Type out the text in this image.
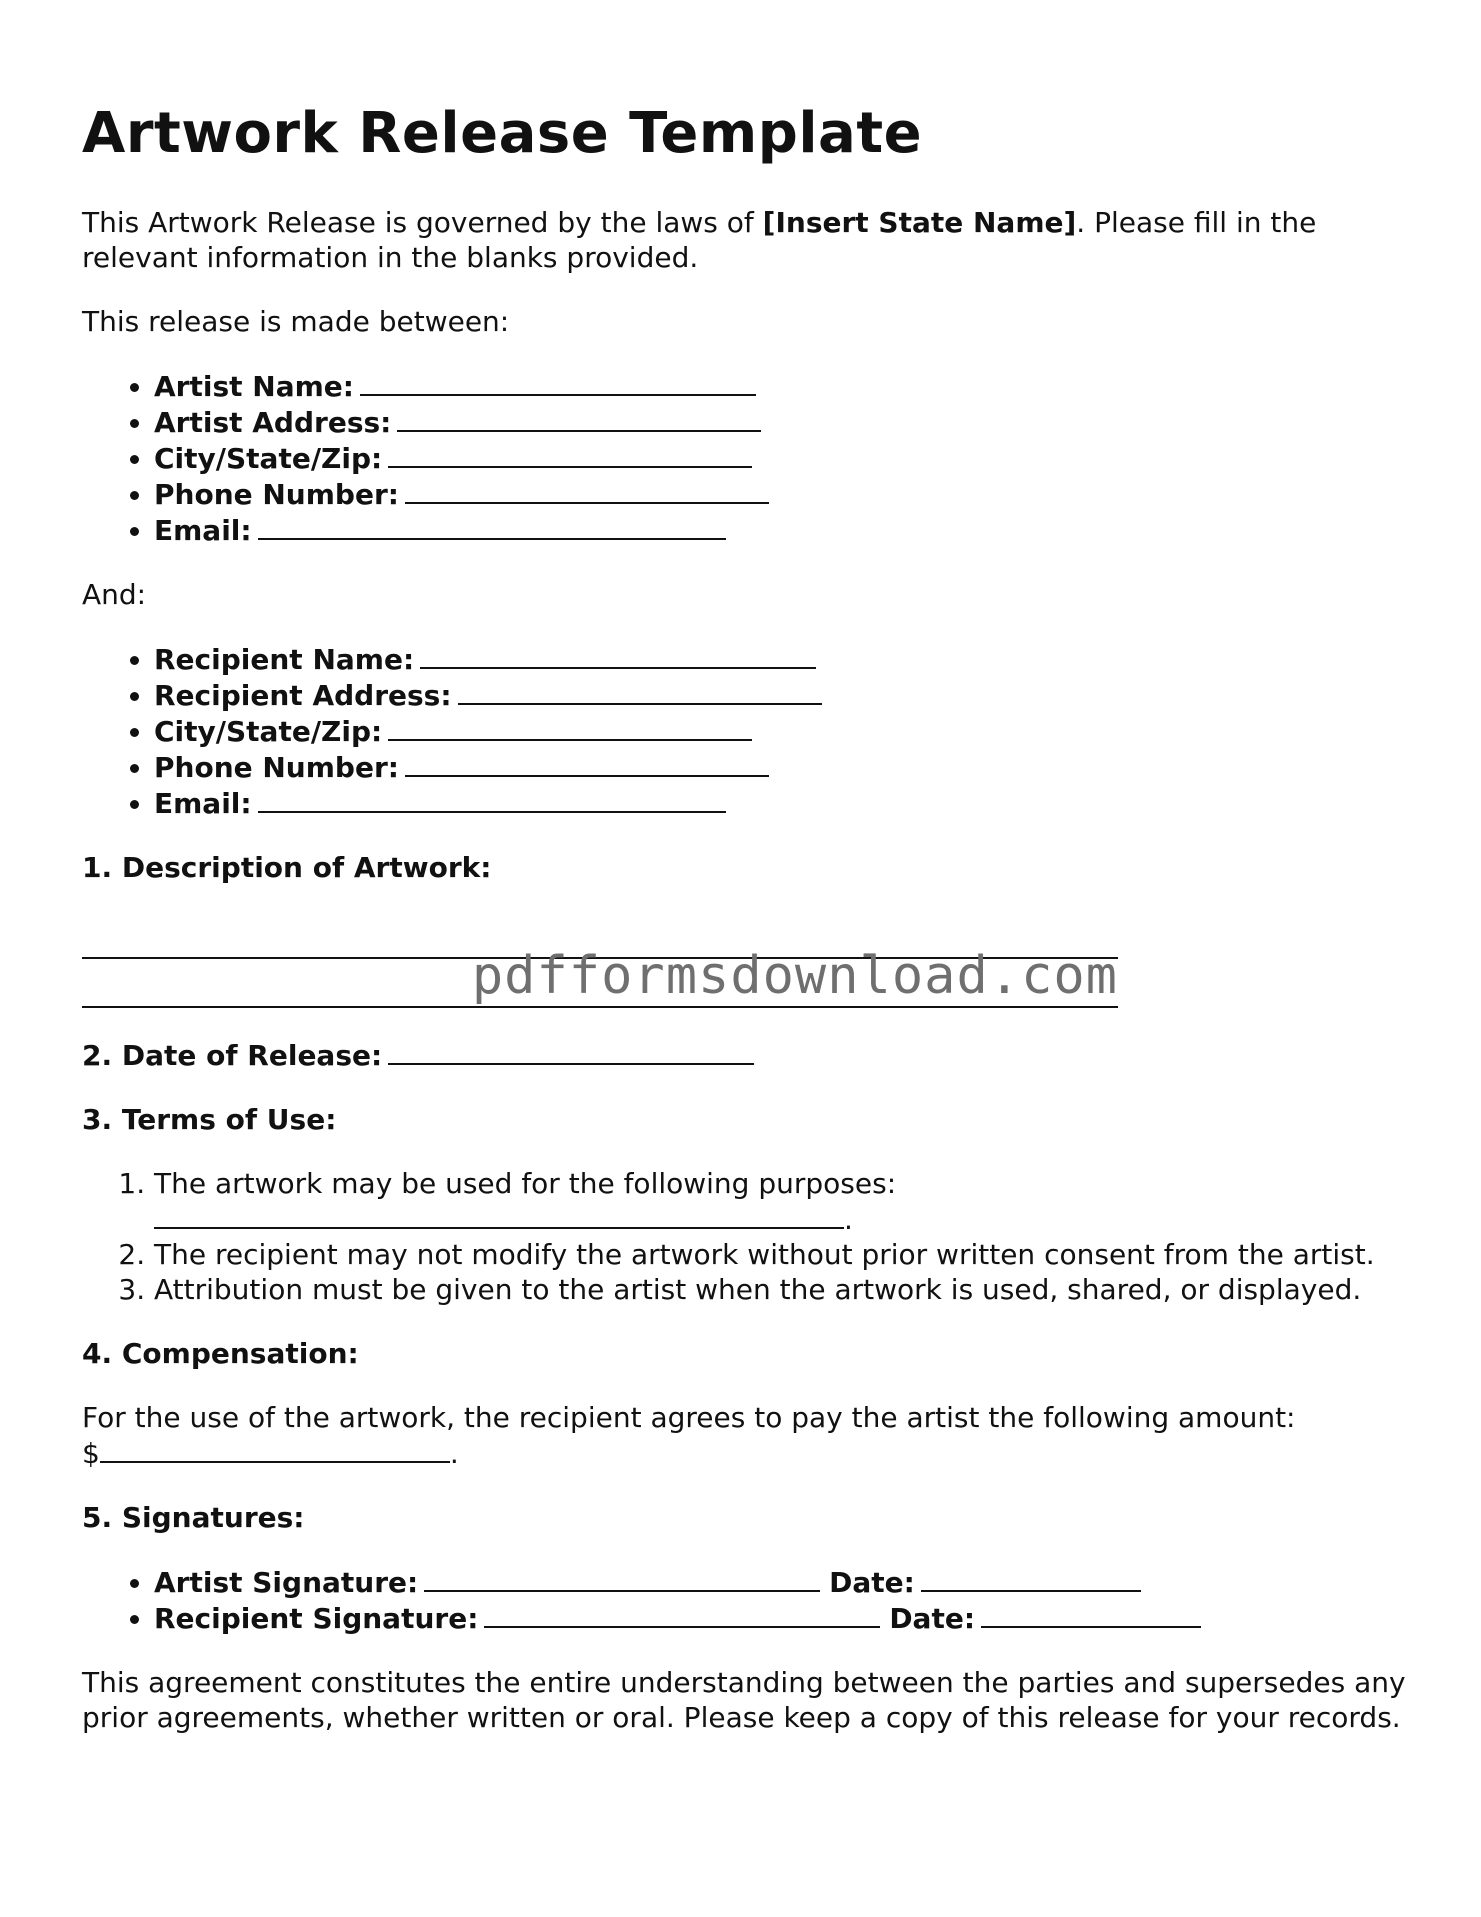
Artwork Release Template

This Artwork Release is governed by the laws of [Insert State Name]. Please fill in the relevant information in the blanks provided.

This release is made between:

• Artist Name:
• Artist Address:
• City/State/Zip:
• Phone Number:
• Email:

And:

• Recipient Name:
• Recipient Address:
• City/State/Zip:
• Phone Number:
• Email:
1. Description of Artwork:
pdfformsdownload.com
2. Date of Release:
3. Terms of Use:
1. The artwork may be used for the following purposes:
.
2. The recipient may not modify the artwork without prior written consent from the artist.
3. Attribution must be given to the artist when the artwork is used, shared, or displayed.
4. Compensation:

For the use of the artwork, the recipient agrees to pay the artist the following amount:
$	.

5. Signatures:
• Artist Signature:	Date:
• Recipient Signature:	Date:

This agreement constitutes the entire understanding between the parties and supersedes any prior agreements, whether written or oral. Please keep a copy of this release for your records.
